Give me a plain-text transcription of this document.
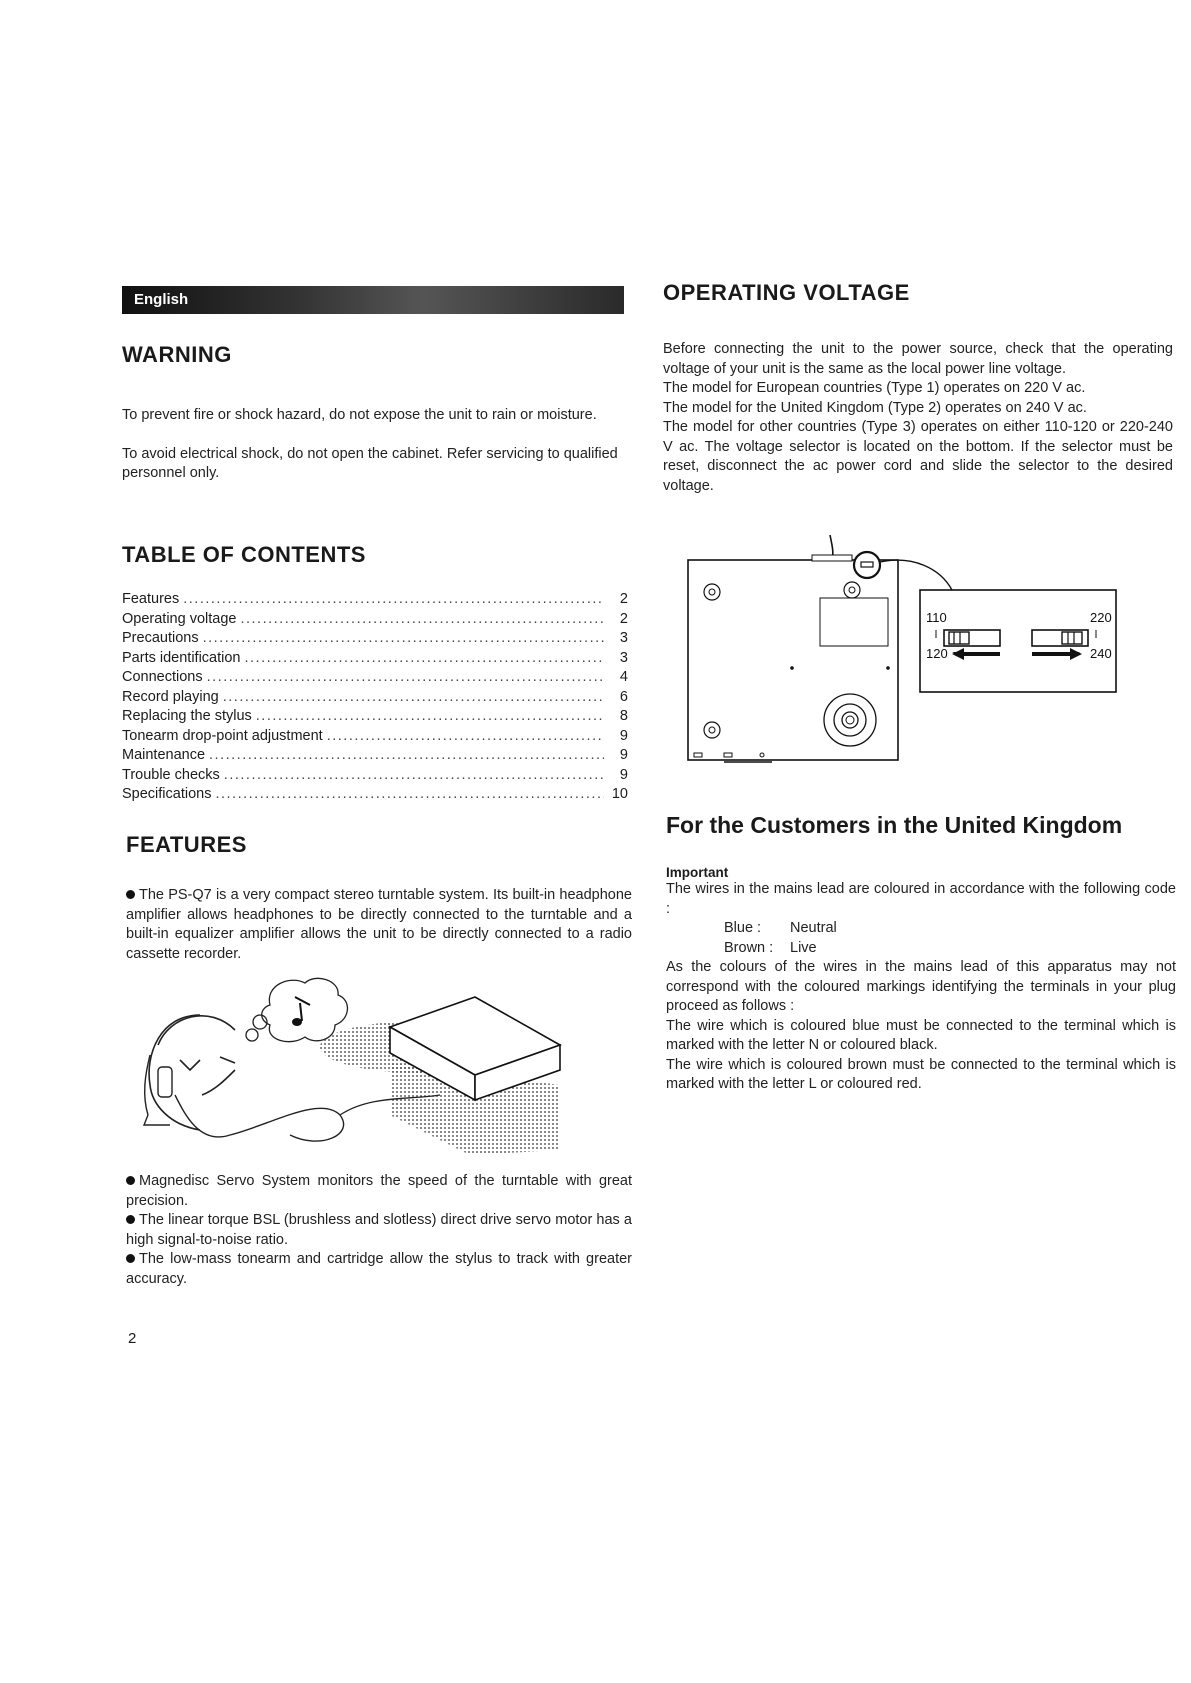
English
WARNING

To prevent fire or shock hazard, do not expose the unit to rain or moisture.

To avoid electrical shock, do not open the cabinet. Refer servicing to qualified personnel only.

TABLE OF CONTENTS
Features .....	2
Operating voltage .....	2
Precautions .....	3
Parts identification .....	3
Connections .....	4
Record playing .....	6
Replacing the stylus .....	8
Tonearm drop-point adjustment .....	9
Maintenance .....	9
Trouble checks .....	9
Specifications .....	10
FEATURES
The PS-Q7 is a very compact stereo turntable system. Its built-in headphone amplifier allows headphones to be directly connected to the turntable and a built-in equalizer amplifier allows the unit to be directly connected to a radio cassette recorder.
Magnedisc Servo System monitors the speed of the turntable with great precision.
The linear torque BSL (brushless and slotless) direct drive servo motor has a high signal-to-noise ratio.
The low-mass tonearm and cartridge allow the stylus to track with greater accuracy.
2
OPERATING VOLTAGE

Before connecting the unit to the power source, check that the operating voltage of your unit is the same as the local power line voltage.

The model for European countries (Type 1) operates on 220 V ac.

The model for the United Kingdom (Type 2) operates on 240 V ac.

The model for other countries (Type 3) operates on either 110-120 or 220-240 V ac. The voltage selector is located on the bottom. If the selector must be reset, disconnect the ac power cord and slide the selector to the desired voltage.

110
120
220
240
For the Customers in the United Kingdom
Important

The wires in the mains lead are coloured in accordance with the following code :

Blue : Neutral

Brown : Live

As the colours of the wires in the mains lead of this apparatus may not correspond with the coloured markings identifying the terminals in your plug proceed as follows :

The wire which is coloured blue must be connected to the terminal which is marked with the letter N or coloured black.

The wire which is coloured brown must be connected to the terminal which is marked with the letter L or coloured red.
